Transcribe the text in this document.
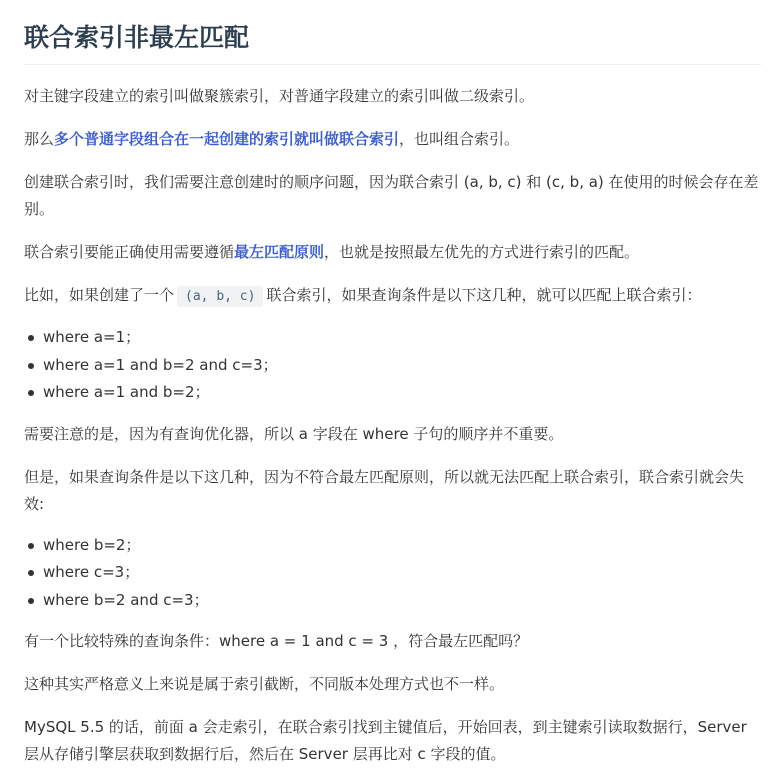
联合索引非最左匹配

对主键字段建立的索引叫做聚簇索引，对普通字段建立的索引叫做二级索引。

那么多个普通字段组合在一起创建的索引就叫做联合索引，也叫组合索引。

创建联合索引时，我们需要注意创建时的顺序问题，因为联合索引 (a, b, c) 和 (c, b, a) 在使用的时候会存在差别。

联合索引要能正确使用需要遵循最左匹配原则，也就是按照最左优先的方式进行索引的匹配。

比如，如果创建了一个 (a, b, c) 联合索引，如果查询条件是以下这几种，就可以匹配上联合索引：

where a=1；
where a=1 and b=2 and c=3；
where a=1 and b=2；

需要注意的是，因为有查询优化器，所以 a 字段在 where 子句的顺序并不重要。

但是，如果查询条件是以下这几种，因为不符合最左匹配原则，所以就无法匹配上联合索引，联合索引就会失效:

where b=2；
where c=3；
where b=2 and c=3；

有一个比较特殊的查询条件：where a = 1 and c = 3 ，符合最左匹配吗？

这种其实严格意义上来说是属于索引截断，不同版本处理方式也不一样。

MySQL 5.5 的话，前面 a 会走索引，在联合索引找到主键值后，开始回表，到主键索引读取数据行，Server 层从存储引擎层获取到数据行后，然后在 Server 层再比对 c 字段的值。
